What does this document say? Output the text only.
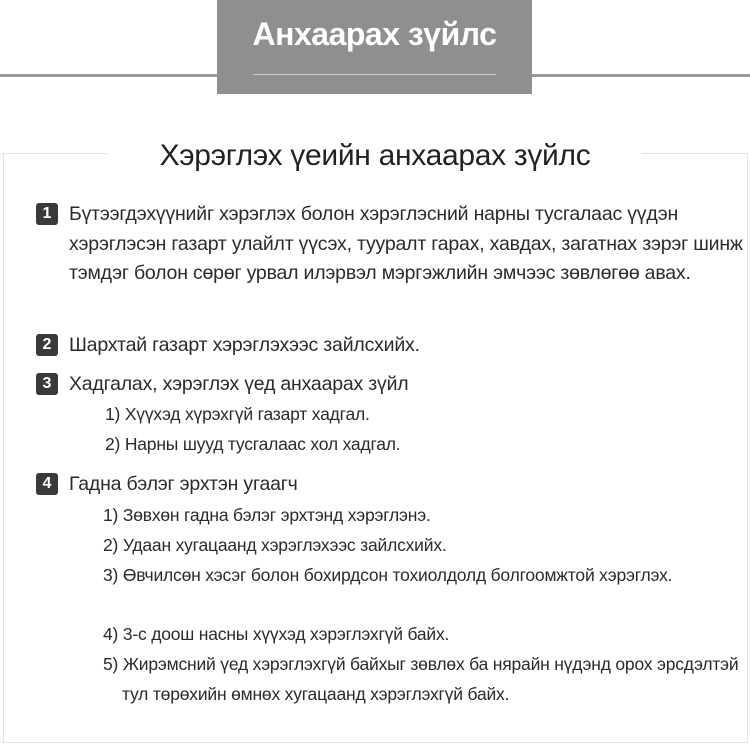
Анхаарах зүйлс
Хэрэглэх үеийн анхаарах зүйлс
1 Бүтээгдэхүүнийг хэрэглэх болон хэрэглэсний нарны тусгалаас үүдэн хэрэглэсэн газарт улайлт үүсэх, тууралт гарах, хавдах, загатнах зэрэг шинж тэмдэг болон сөрөг урвал илэрвэл мэргэжлийн эмчээс зөвлөгөө авах.
2 Шархтай газарт хэрэглэхээс зайлсхийх.
3 Хадгалах, хэрэглэх үед анхаарах зүйл
1) Хүүхэд хүрэхгүй газарт хадгал.
2) Нарны шууд тусгалаас хол хадгал.
4 Гадна бэлэг эрхтэн угаагч
1) Зөвхөн гадна бэлэг эрхтэнд хэрэглэнэ.
2) Удаан хугацаанд хэрэглэхээс зайлсхийх.
3) Өвчилсөн хэсэг болон бохирдсон тохиолдолд болгоомжтой хэрэглэх.
4) 3-с доош насны хүүхэд хэрэглэхгүй байх.
5) Жирэмсний үед хэрэглэхгүй байхыг зөвлөх ба нярайн нүдэнд орох эрсдэлтэй тул төрөхийн өмнөх хугацаанд хэрэглэхгүй байх.
